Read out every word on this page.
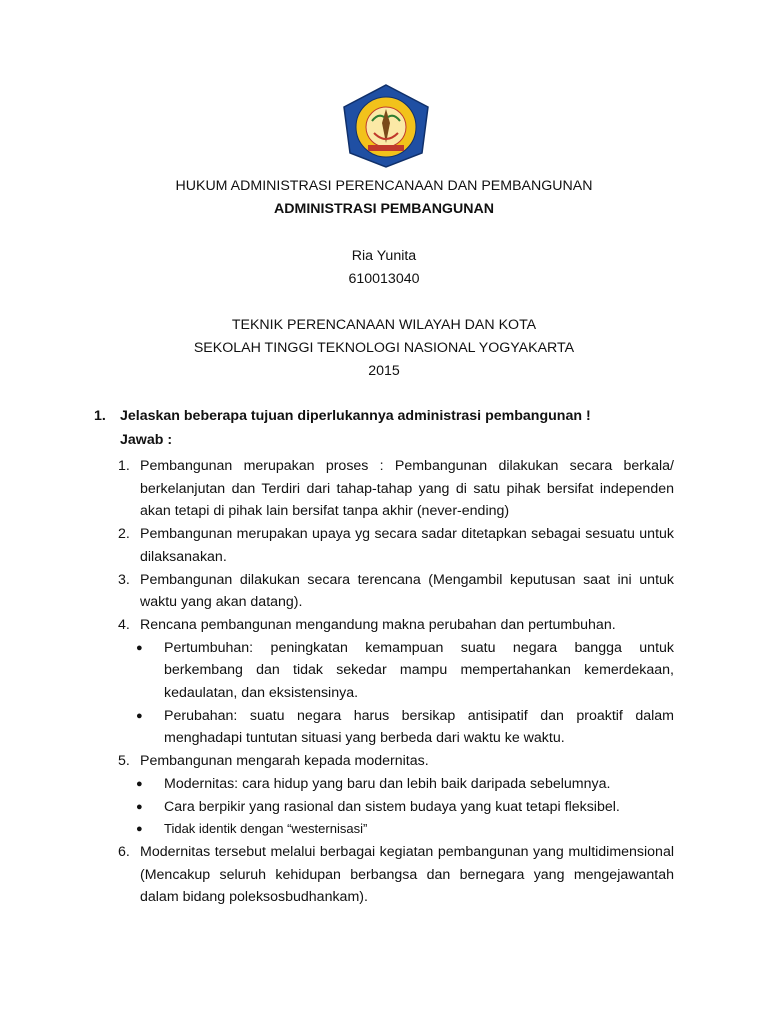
HUKUM ADMINISTRASI PERENCANAAN DAN PEMBANGUNAN
ADMINISTRASI PEMBANGUNAN
Ria Yunita
610013040
TEKNIK PERENCANAAN WILAYAH DAN KOTA
SEKOLAH TINGGI TEKNOLOGI NASIONAL YOGYAKARTA
2015
1. Jelaskan beberapa tujuan diperlukannya administrasi pembangunan !
Jawab :
1. Pembangunan merupakan proses : Pembangunan dilakukan secara berkala/ berkelanjutan dan Terdiri dari tahap-tahap yang di satu pihak bersifat independen akan tetapi di pihak lain bersifat tanpa akhir (never-ending)
2. Pembangunan merupakan upaya yg secara sadar ditetapkan sebagai sesuatu untuk dilaksanakan.
3. Pembangunan dilakukan secara terencana (Mengambil keputusan saat ini untuk waktu yang akan datang).
4. Rencana pembangunan mengandung makna perubahan dan pertumbuhan.
●	Pertumbuhan: peningkatan kemampuan suatu negara bangga untuk berkembang dan tidak sekedar mampu mempertahankan kemerdekaan, kedaulatan, dan eksistensinya.
●	Perubahan: suatu negara harus bersikap antisipatif dan proaktif dalam menghadapi tuntutan situasi yang berbeda dari waktu ke waktu.
5. Pembangunan mengarah kepada modernitas.
●	Modernitas: cara hidup yang baru dan lebih baik daripada sebelumnya.
●	Cara berpikir yang rasional dan sistem budaya yang kuat tetapi fleksibel.
●	Tidak identik dengan “westernisasi”
6. Modernitas tersebut melalui berbagai kegiatan pembangunan yang multidimensional (Mencakup seluruh kehidupan berbangsa dan bernegara yang mengejawantah dalam bidang poleksosbudhankam).
